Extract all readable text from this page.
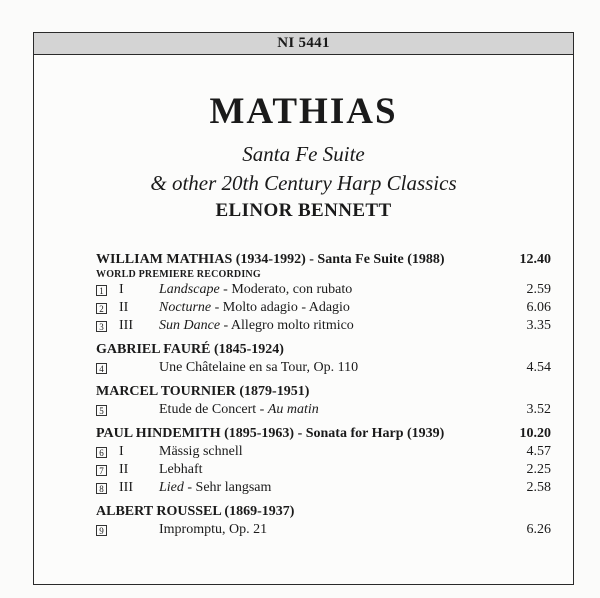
NI 5441
MATHIAS
Santa Fe Suite
& other 20th Century Harp Classics
ELINOR BENNETT
WILLIAM MATHIAS (1934-1992) - Santa Fe Suite (1988)	12.40
WORLD PREMIERE RECORDING
1 I	Landscape - Moderato, con rubato	2.59
2 II	Nocturne - Molto adagio - Adagio	6.06
3 III	Sun Dance - Allegro molto ritmico	3.35
GABRIEL FAURÉ (1845-1924)
4	Une Châtelaine en sa Tour, Op. 110	4.54
MARCEL TOURNIER (1879-1951)
5	Etude de Concert - Au matin	3.52
PAUL HINDEMITH (1895-1963) - Sonata for Harp (1939)	10.20
6 I	Mässig schnell	4.57
7 II	Lebhaft	2.25
8 III	Lied - Sehr langsam	2.58
ALBERT ROUSSEL (1869-1937)
9	Impromptu, Op. 21	6.26
